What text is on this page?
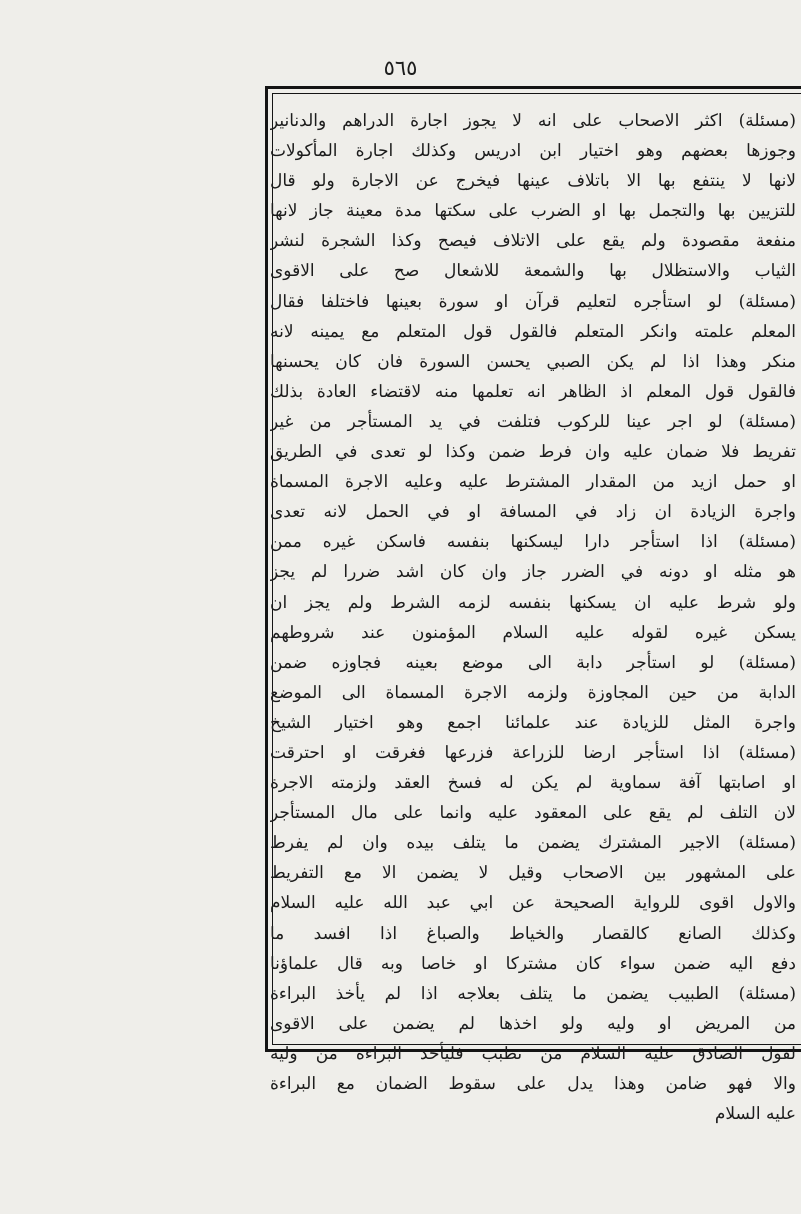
٥٦٥
(مسئلة) اكثر الاصحاب على انه لا يجوز اجارة الدراهم والدنانير
وجوزها بعضهم وهو اختيار ابن ادريس وكذلك اجارة المأكولات
لانها لا ينتفع بها الا باتلاف عينها فيخرج عن الاجارة ولو قال
للتزيين بها والتجمل بها او الضرب على سكتها مدة معينة جاز لانها
منفعة مقصودة ولم يقع على الاتلاف فيصح وكذا الشجرة لنشر
الثياب والاستظلال بها والشمعة للاشعال صح على الاقوى
(مسئلة) لو استأجره لتعليم قرآن او سورة بعينها فاختلفا فقال
المعلم علمته وانكر المتعلم فالقول قول المتعلم مع يمينه لانه
منكر وهذا اذا لم يكن الصبي يحسن السورة فان كان يحسنها
فالقول قول المعلم اذ الظاهر انه تعلمها منه لاقتضاء العادة بذلك
(مسئلة) لو اجر عينا للركوب فتلفت في يد المستأجر من غير
تفريط فلا ضمان عليه وان فرط ضمن وكذا لو تعدى في الطريق
او حمل ازيد من المقدار المشترط عليه وعليه الاجرة المسماة
واجرة الزيادة ان زاد في المسافة او في الحمل لانه تعدى
(مسئلة) اذا استأجر دارا ليسكنها بنفسه فاسكن غيره ممن
هو مثله او دونه في الضرر جاز وان كان اشد ضررا لم يجز
ولو شرط عليه ان يسكنها بنفسه لزمه الشرط ولم يجز ان
يسكن غيره لقوله عليه السلام المؤمنون عند شروطهم
(مسئلة) لو استأجر دابة الى موضع بعينه فجاوزه ضمن
الدابة من حين المجاوزة ولزمه الاجرة المسماة الى الموضع
واجرة المثل للزيادة عند علمائنا اجمع وهو اختيار الشيخ
(مسئلة) اذا استأجر ارضا للزراعة فزرعها فغرقت او احترقت
او اصابتها آفة سماوية لم يكن له فسخ العقد ولزمته الاجرة
لان التلف لم يقع على المعقود عليه وانما على مال المستأجر
(مسئلة) الاجير المشترك يضمن ما يتلف بيده وان لم يفرط
على المشهور بين الاصحاب وقيل لا يضمن الا مع التفريط
والاول اقوى للرواية الصحيحة عن ابي عبد الله عليه السلام
وكذلك الصانع كالقصار والخياط والصباغ اذا افسد ما
دفع اليه ضمن سواء كان مشتركا او خاصا وبه قال علماؤنا
(مسئلة) الطبيب يضمن ما يتلف بعلاجه اذا لم يأخذ البراءة
من المريض او وليه ولو اخذها لم يضمن على الاقوى
لقول الصادق عليه السلام من تطبب فليأخذ البراءة من وليه
والا فهو ضامن وهذا يدل على سقوط الضمان مع البراءة
عليه السلام
